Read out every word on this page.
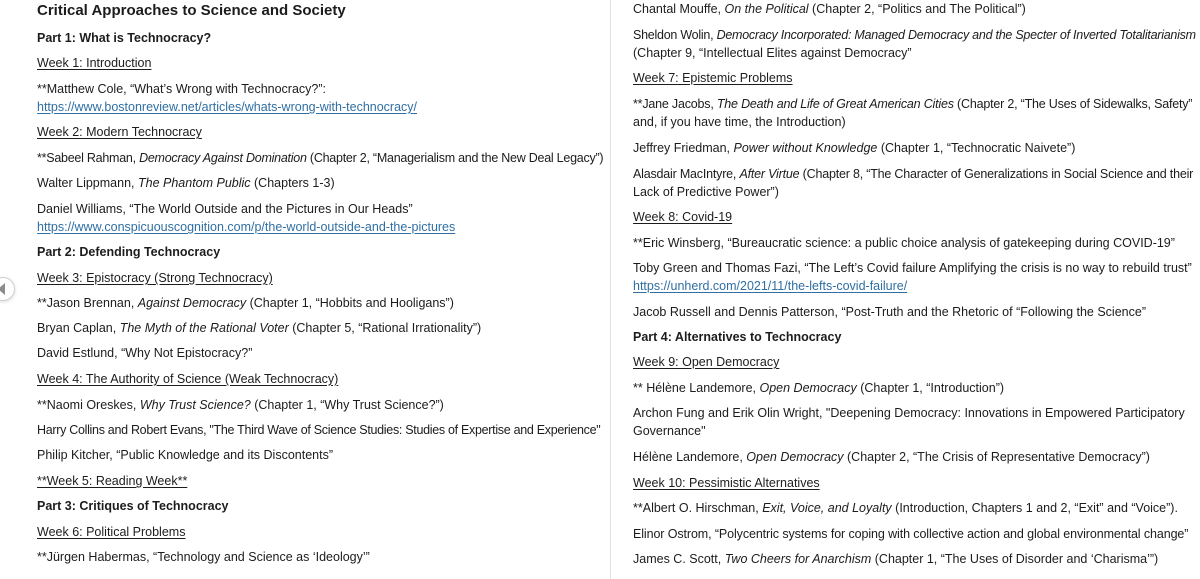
Critical Approaches to Science and Society

Part 1: What is Technocracy?

Week 1: Introduction

**Matthew Cole, “What’s Wrong with Technocracy?”:

https://www.bostonreview.net/articles/whats-wrong-with-technocracy/

Week 2: Modern Technocracy

**Sabeel Rahman, Democracy Against Domination (Chapter 2, “Managerialism and the New Deal Legacy”)

Walter Lippmann, The Phantom Public (Chapters 1-3)

Daniel Williams, “The World Outside and the Pictures in Our Heads”

https://www.conspicuouscognition.com/p/the-world-outside-and-the-pictures

Part 2: Defending Technocracy

Week 3: Epistocracy (Strong Technocracy)

**Jason Brennan, Against Democracy (Chapter 1, “Hobbits and Hooligans”)

Bryan Caplan, The Myth of the Rational Voter (Chapter 5, “Rational Irrationality”)

David Estlund, “Why Not Epistocracy?”

Week 4: The Authority of Science (Weak Technocracy)

**Naomi Oreskes, Why Trust Science? (Chapter 1, “Why Trust Science?”)

Harry Collins and Robert Evans, "The Third Wave of Science Studies: Studies of Expertise and Experience"

Philip Kitcher, “Public Knowledge and its Discontents”

**Week 5: Reading Week**

Part 3: Critiques of Technocracy

Week 6: Political Problems

**Jürgen Habermas, “Technology and Science as ‘Ideology’”

Chantal Mouffe, On the Political (Chapter 2, “Politics and The Political”)

Sheldon Wolin, Democracy Incorporated: Managed Democracy and the Specter of Inverted Totalitarianism

(Chapter 9, “Intellectual Elites against Democracy”

Week 7: Epistemic Problems

**Jane Jacobs, The Death and Life of Great American Cities (Chapter 2, “The Uses of Sidewalks, Safety”

and, if you have time, the Introduction)

Jeffrey Friedman, Power without Knowledge (Chapter 1, “Technocratic Naivete”)

Alasdair MacIntyre, After Virtue (Chapter 8, “The Character of Generalizations in Social Science and their

Lack of Predictive Power”)

Week 8: Covid-19

**Eric Winsberg, “Bureaucratic science: a public choice analysis of gatekeeping during COVID-19”

Toby Green and Thomas Fazi, “The Left’s Covid failure Amplifying the crisis is no way to rebuild trust”

https://unherd.com/2021/11/the-lefts-covid-failure/

Jacob Russell and Dennis Patterson, “Post-Truth and the Rhetoric of “Following the Science”

Part 4: Alternatives to Technocracy

Week 9: Open Democracy

** Hélène Landemore, Open Democracy (Chapter 1, “Introduction”)

Archon Fung and Erik Olin Wright, "Deepening Democracy: Innovations in Empowered Participatory

Governance"

Hélène Landemore, Open Democracy (Chapter 2, “The Crisis of Representative Democracy”)

Week 10: Pessimistic Alternatives

**Albert O. Hirschman, Exit, Voice, and Loyalty (Introduction, Chapters 1 and 2, “Exit” and “Voice”).

Elinor Ostrom, “Polycentric systems for coping with collective action and global environmental change”

James C. Scott, Two Cheers for Anarchism (Chapter 1, “The Uses of Disorder and ‘Charisma’”)
